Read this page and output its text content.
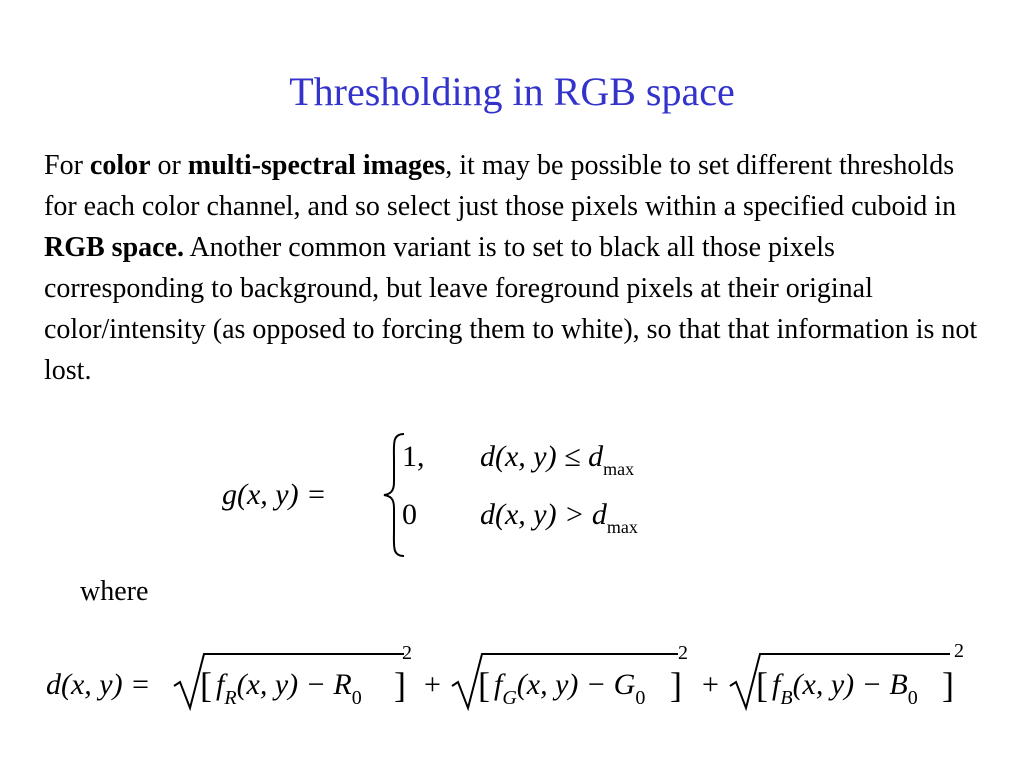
Thresholding in RGB space
For color or multi-spectral images, it may be possible to set different thresholds for each color channel, and so select just those pixels within a specified cuboid in RGB space. Another common variant is to set to black all those pixels corresponding to background, but leave foreground pixels at their original color/intensity (as opposed to forcing them to white), so that that information is not lost.
g(x, y) =
1, d(x, $y) \le d_{max}$
0 d(x, $y) > d_{max}$
where
d(x, y) = [ $f_R(x$, $y) - R_0$ ]
2
+ [ $f_G(x$, $y) - G_0$ ]
2
+ [ $f_B(x$, $y) - B_0$ ]
2
